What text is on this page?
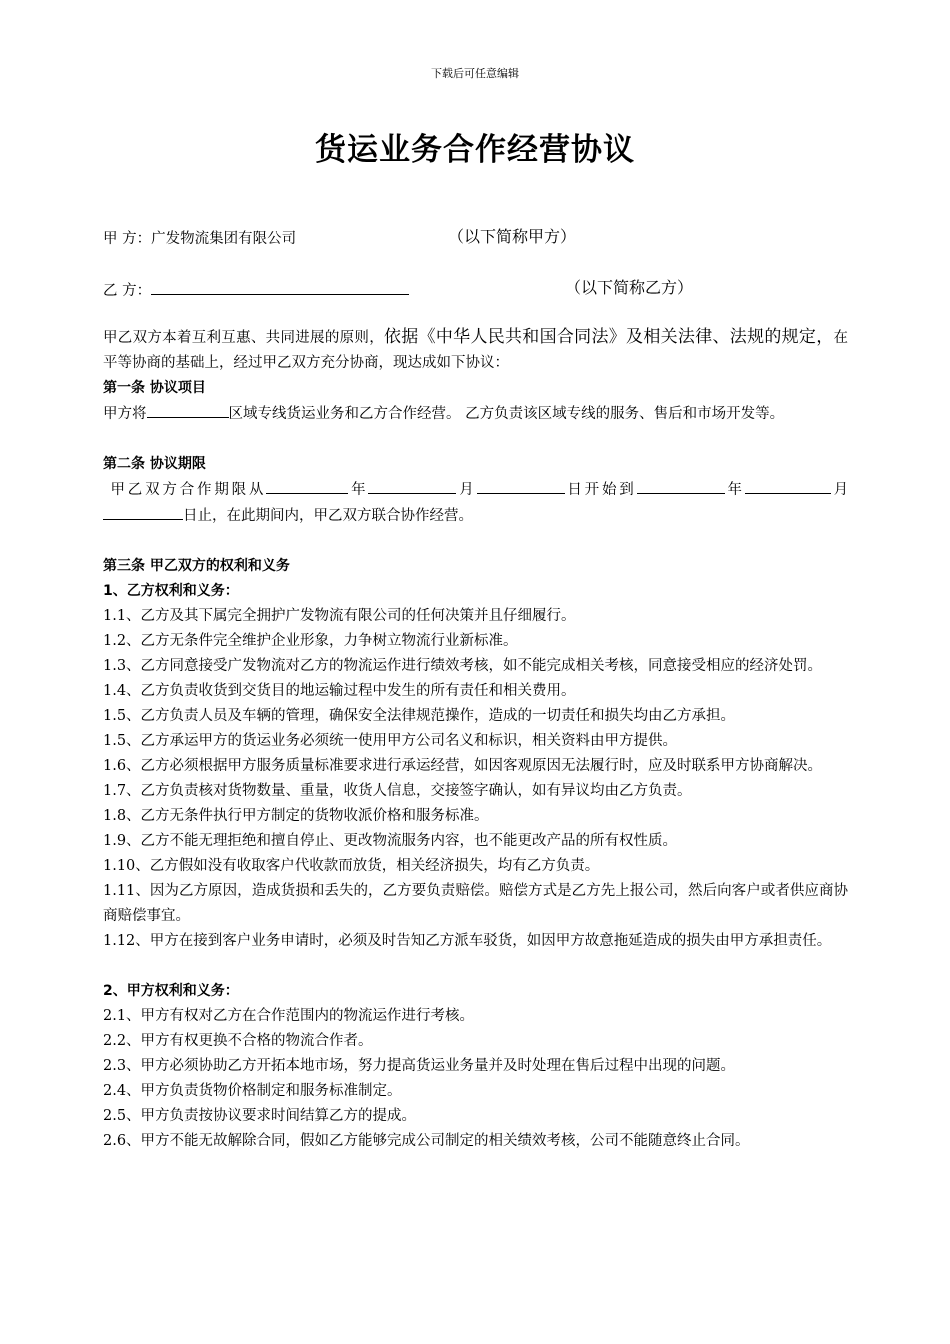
下载后可任意编辑
货运业务合作经营协议
甲 方：广发物流集团有限公司	（以下简称甲方）
乙 方：	（以下简称乙方）

甲乙双方本着互利互惠、共同进展的原则，依据《中华人民共和国合同法》及相关法律、法规的规定，在平等协商的基础上，经过甲乙双方充分协商，现达成如下协议：

第一条 协议项目

甲方将	区域专线货运业务和乙方合作经营。 乙方负责该区域专线的服务、售后和市场开发等。

第二条 协议期限

甲乙双方合作期限从	年	月	日开始到	年	月日止，在此期间内，甲乙双方联合协作经营。

第三条 甲乙双方的权利和义务

1、乙方权利和义务：

1.1、乙方及其下属完全拥护广发物流有限公司的任何决策并且仔细履行。

1.2、乙方无条件完全维护企业形象，力争树立物流行业新标准。

1.3、乙方同意接受广发物流对乙方的物流运作进行绩效考核，如不能完成相关考核，同意接受相应的经济处罚。

1.4、乙方负责收货到交货目的地运输过程中发生的所有责任和相关费用。

1.5、乙方负责人员及车辆的管理，确保安全法律规范操作，造成的一切责任和损失均由乙方承担。

1.5、乙方承运甲方的货运业务必须统一使用甲方公司名义和标识，相关资料由甲方提供。

1.6、乙方必须根据甲方服务质量标准要求进行承运经营，如因客观原因无法履行时，应及时联系甲方协商解决。

1.7、乙方负责核对货物数量、重量，收货人信息，交接签字确认，如有异议均由乙方负责。

1.8、乙方无条件执行甲方制定的货物收派价格和服务标准。

1.9、乙方不能无理拒绝和擅自停止、更改物流服务内容，也不能更改产品的所有权性质。

1.10、乙方假如没有收取客户代收款而放货，相关经济损失，均有乙方负责。

1.11、因为乙方原因，造成货损和丢失的，乙方要负责赔偿。赔偿方式是乙方先上报公司，然后向客户或者供应商协商赔偿事宜。

1.12、甲方在接到客户业务申请时，必须及时告知乙方派车驳货，如因甲方故意拖延造成的损失由甲方承担责任。

2、甲方权利和义务：

2.1、甲方有权对乙方在合作范围内的物流运作进行考核。

2.2、甲方有权更换不合格的物流合作者。

2.3、甲方必须协助乙方开拓本地市场，努力提高货运业务量并及时处理在售后过程中出现的问题。

2.4、甲方负责货物价格制定和服务标准制定。

2.5、甲方负责按协议要求时间结算乙方的提成。

2.6、甲方不能无故解除合同，假如乙方能够完成公司制定的相关绩效考核，公司不能随意终止合同。
